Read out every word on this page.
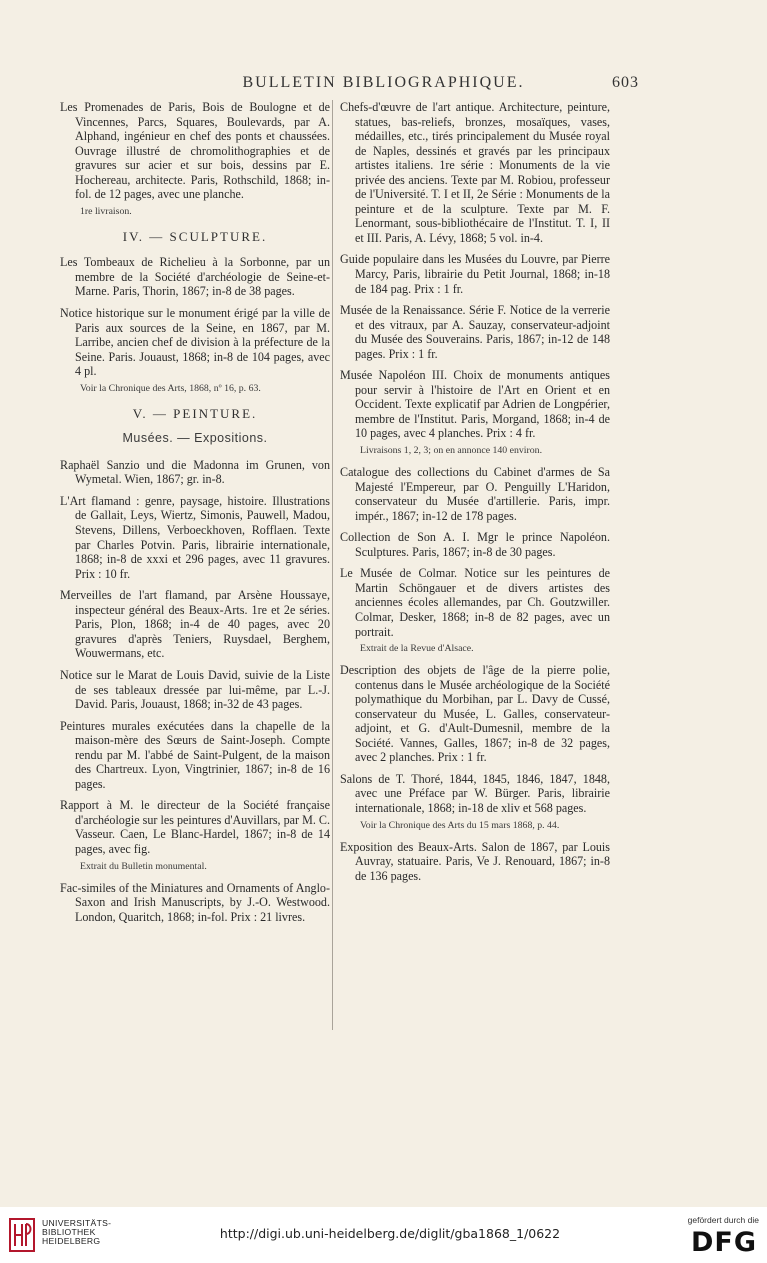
BULLETIN BIBLIOGRAPHIQUE.	603

Les Promenades de Paris, Bois de Boulogne et de Vincennes, Parcs, Squares, Boulevards, par A. Alphand, ingénieur en chef des ponts et chaussées. Ouvrage illustré de chromolithographies et de gravures sur acier et sur bois, dessins par E. Hochereau, architecte. Paris, Rothschild, 1868; in-fol. de 12 pages, avec une planche.

1re livraison.

IV. — SCULPTURE.

Les Tombeaux de Richelieu à la Sorbonne, par un membre de la Société d'archéologie de Seine-et-Marne. Paris, Thorin, 1867; in-8 de 38 pages.

Notice historique sur le monument érigé par la ville de Paris aux sources de la Seine, en 1867, par M. Larribe, ancien chef de division à la préfecture de la Seine. Paris. Jouaust, 1868; in-8 de 104 pages, avec 4 pl.

Voir la Chronique des Arts, 1868, nº 16, p. 63.

V. — PEINTURE.
Musées. — Expositions.

Raphaël Sanzio und die Madonna im Grunen, von Wymetal. Wien, 1867; gr. in-8.

L'Art flamand : genre, paysage, histoire. Illustrations de Gallait, Leys, Wiertz, Simonis, Pauwell, Madou, Stevens, Dillens, Verboeckhoven, Rofflaen. Texte par Charles Potvin. Paris, librairie internationale, 1868; in-8 de xxxi et 296 pages, avec 11 gravures. Prix : 10 fr.

Merveilles de l'art flamand, par Arsène Houssaye, inspecteur général des Beaux-Arts. 1re et 2e séries. Paris, Plon, 1868; in-4 de 40 pages, avec 20 gravures d'après Teniers, Ruysdael, Berghem, Wouwermans, etc.

Notice sur le Marat de Louis David, suivie de la Liste de ses tableaux dressée par lui-même, par L.-J. David. Paris, Jouaust, 1868; in-32 de 43 pages.

Peintures murales exécutées dans la chapelle de la maison-mère des Sœurs de Saint-Joseph. Compte rendu par M. l'abbé de Saint-Pulgent, de la maison des Chartreux. Lyon, Vingtrinier, 1867; in-8 de 16 pages.

Rapport à M. le directeur de la Société française d'archéologie sur les peintures d'Auvillars, par M. C. Vasseur. Caen, Le Blanc-Hardel, 1867; in-8 de 14 pages, avec fig.

Extrait du Bulletin monumental.

Fac-similes of the Miniatures and Ornaments of Anglo-Saxon and Irish Manuscripts, by J.-O. Westwood. London, Quaritch, 1868; in-fol. Prix : 21 livres.

Chefs-d'œuvre de l'art antique. Architecture, peinture, statues, bas-reliefs, bronzes, mosaïques, vases, médailles, etc., tirés principalement du Musée royal de Naples, dessinés et gravés par les principaux artistes italiens. 1re série : Monuments de la vie privée des anciens. Texte par M. Robiou, professeur de l'Université. T. I et II, 2e Série : Monuments de la peinture et de la sculpture. Texte par M. F. Lenormant, sous-bibliothécaire de l'Institut. T. I, II et III. Paris, A. Lévy, 1868; 5 vol. in-4.

Guide populaire dans les Musées du Louvre, par Pierre Marcy, Paris, librairie du Petit Journal, 1868; in-18 de 184 pag. Prix : 1 fr.

Musée de la Renaissance. Série F. Notice de la verrerie et des vitraux, par A. Sauzay, conservateur-adjoint du Musée des Souverains. Paris, 1867; in-12 de 148 pages. Prix : 1 fr.

Musée Napoléon III. Choix de monuments antiques pour servir à l'histoire de l'Art en Orient et en Occident. Texte explicatif par Adrien de Longpérier, membre de l'Institut. Paris, Morgand, 1868; in-4 de 10 pages, avec 4 planches. Prix : 4 fr.

Livraisons 1, 2, 3; on en annonce 140 environ.

Catalogue des collections du Cabinet d'armes de Sa Majesté l'Empereur, par O. Penguilly L'Haridon, conservateur du Musée d'artillerie. Paris, impr. impér., 1867; in-12 de 178 pages.

Collection de Son A. I. Mgr le prince Napoléon. Sculptures. Paris, 1867; in-8 de 30 pages.

Le Musée de Colmar. Notice sur les peintures de Martin Schöngauer et de divers artistes des anciennes écoles allemandes, par Ch. Goutzwiller. Colmar, Desker, 1868; in-8 de 82 pages, avec un portrait.

Extrait de la Revue d'Alsace.

Description des objets de l'âge de la pierre polie, contenus dans le Musée archéologique de la Société polymathique du Morbihan, par L. Davy de Cussé, conservateur du Musée, L. Galles, conservateur-adjoint, et G. d'Ault-Dumesnil, membre de la Société. Vannes, Galles, 1867; in-8 de 32 pages, avec 2 planches. Prix : 1 fr.

Salons de T. Thoré, 1844, 1845, 1846, 1847, 1848, avec une Préface par W. Bürger. Paris, librairie internationale, 1868; in-18 de xliv et 568 pages.

Voir la Chronique des Arts du 15 mars 1868, p. 44.

Exposition des Beaux-Arts. Salon de 1867, par Louis Auvray, statuaire. Paris, Ve J. Renouard, 1867; in-8 de 136 pages.

UNIVERSITÄTS-
BIBLIOTHEK
HEIDELBERG
http://digi.ub.uni-heidelberg.de/diglit/gba1868_1/0622
gefördert durch die
DFG
